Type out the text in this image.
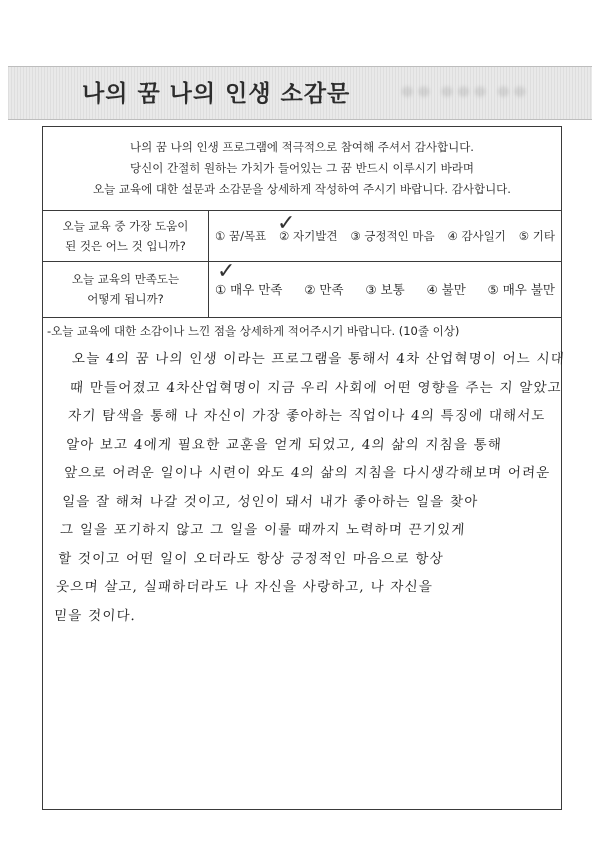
나의 꿈 나의 인생 소감문	ㅇㅇ ㅇㅇㅇ ㅇㅇ
나의 꿈 나의 인생 프로그램에 적극적으로 참여해 주셔서 감사합니다.
당신이 간절히 원하는 가치가 들어있는 그 꿈 반드시 이루시기 바라며
오늘 교육에 대한 설문과 소감문을 상세하게 작성하여 주시기 바랍니다. 감사합니다.
오늘 교육 중 가장 도움이
된 것은 어느 것 입니까?
✓
① 꿈/목표 ② 자기발견 ③ 긍정적인 마음 ④ 감사일기 ⑤ 기타
오늘 교육의 만족도는
어떻게 됩니까?
✓
① 매우 만족 ② 만족 ③ 보통 ④ 불만 ⑤ 매우 불만
-오늘 교육에 대한 소감이나 느낀 점을 상세하게 적어주시기 바랍니다. (10줄 이상)
오늘 4의 꿈 나의 인생 이라는 프로그램을 통해서 4차 산업혁명이 어느 시대
때 만들어졌고 4차산업혁명이 지금 우리 사회에 어떤 영향을 주는 지 알았고
자기 탐색을 통해 나 자신이 가장 좋아하는 직업이나 4의 특징에 대해서도
알아 보고 4에게 필요한 교훈을 얻게 되었고, 4의 삶의 지침을 통해
앞으로 어려운 일이나 시련이 와도 4의 삶의 지침을 다시생각해보며 어려운
일을 잘 해쳐 나갈 것이고, 성인이 돼서 내가 좋아하는 일을 찾아
그 일을 포기하지 않고 그 일을 이룰 때까지 노력하며 끈기있게
할 것이고 어떤 일이 오더라도 항상 긍정적인 마음으로 항상
웃으며 살고, 실패하더라도 나 자신을 사랑하고, 나 자신을
믿을 것이다.
